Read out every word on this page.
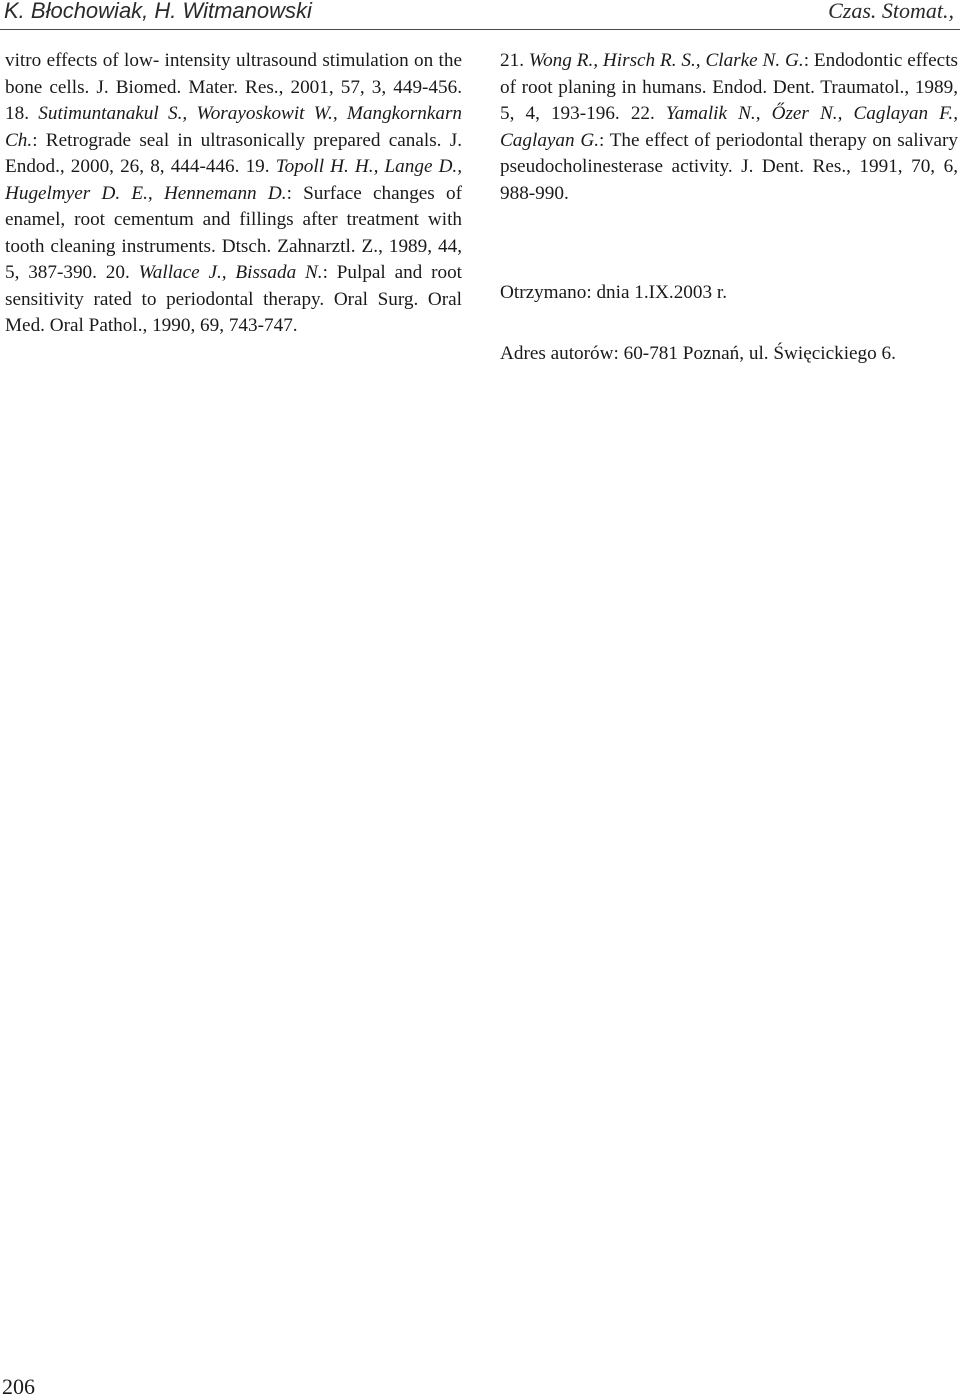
K. Błochowiak, H. Witmanowski	Czas. Stomat.,

vitro effects of low- intensity ultrasound stimulation on the bone cells. J. Biomed. Mater. Res., 2001, 57, 3, 449-456. 18. Sutimuntanakul S., Worayoskowit W., Mangkornkarn Ch.: Retrograde seal in ultrasonically prepared canals. J. Endod., 2000, 26, 8, 444-446. 19. Topoll H. H., Lange D., Hugelmyer D. E., Hennemann D.: Surface changes of enamel, root cementum and fillings after treatment with tooth cleaning instruments. Dtsch. Zahnarztl. Z., 1989, 44, 5, 387-390. 20. Wallace J., Bissada N.: Pulpal and root sensitivity rated to periodontal therapy. Oral Surg. Oral Med. Oral Pathol., 1990, 69, 743-747.

21. Wong R., Hirsch R. S., Clarke N. G.: Endodontic effects of root planing in humans. Endod. Dent. Traumatol., 1989, 5, 4, 193-196. 22. Yamalik N., Őzer N., Caglayan F., Caglayan G.: The effect of periodontal therapy on salivary pseudocholinesterase activity. J. Dent. Res., 1991, 70, 6, 988-990.

Otrzymano: dnia 1.IX.2003 r.
Adres autorów: 60-781 Poznań, ul. Święcickiego 6.
206
